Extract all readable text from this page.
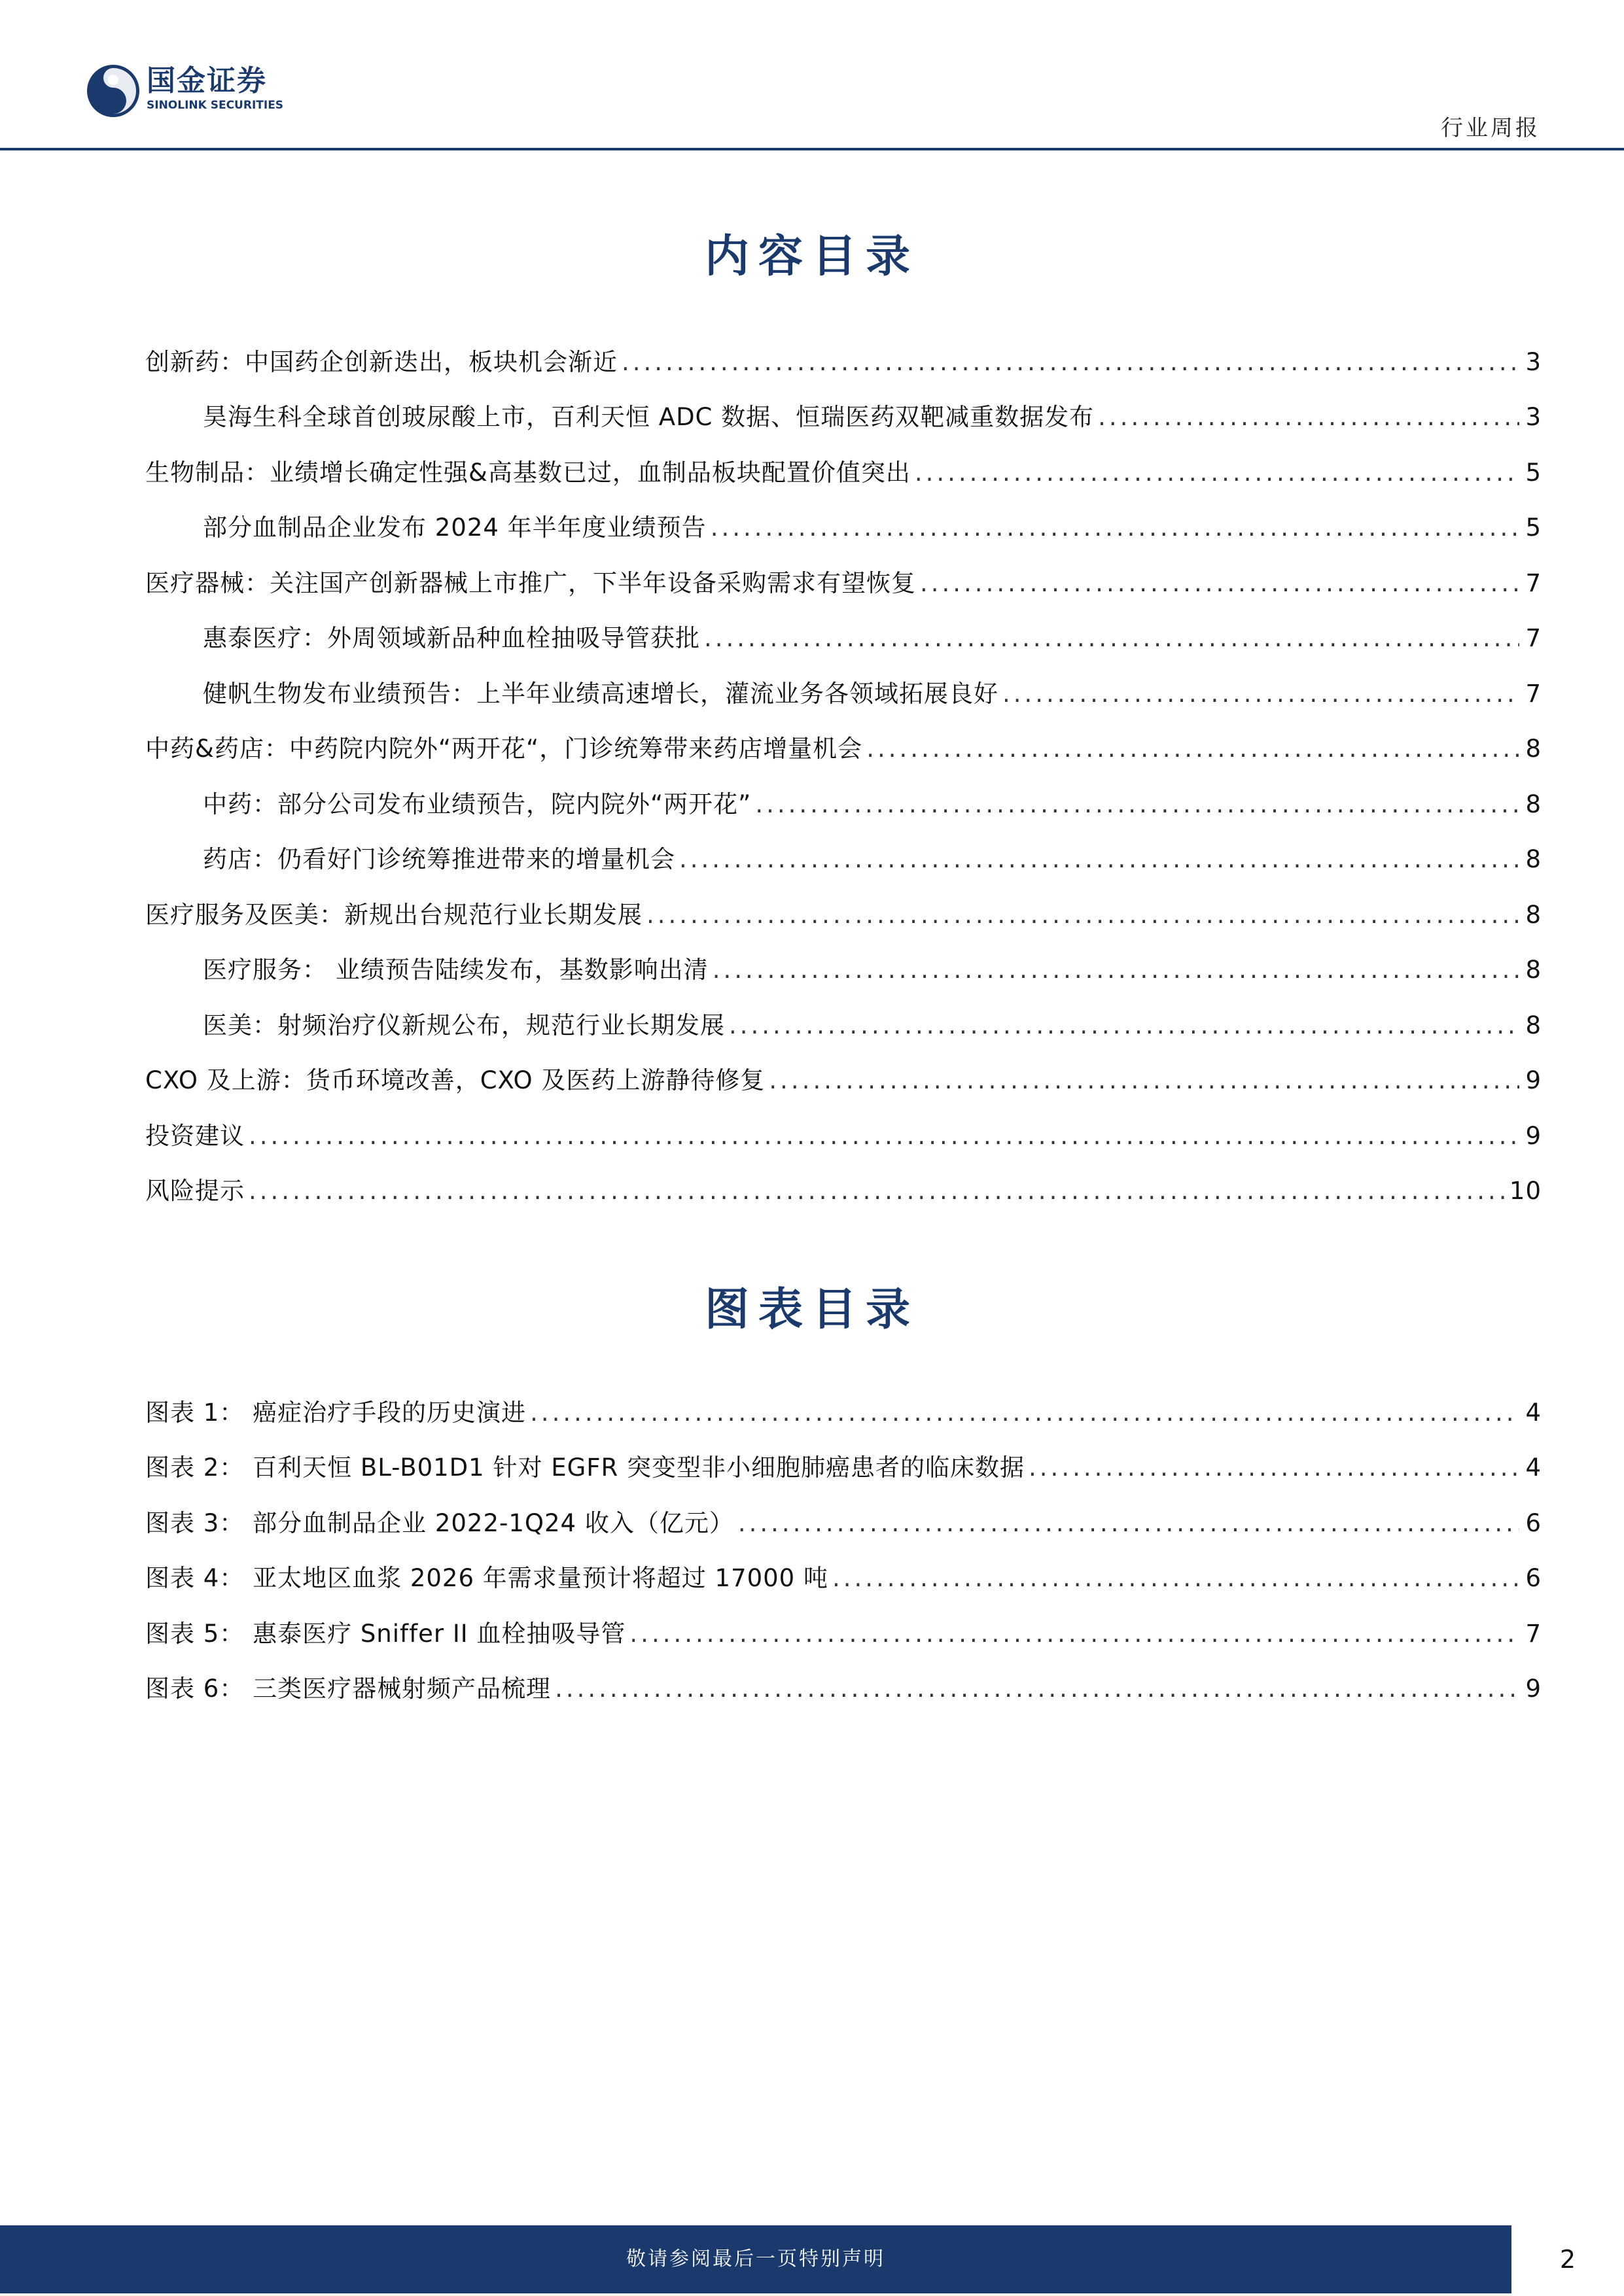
国金证券
SINOLINK SECURITIES
行业周报
内容目录
创新药：中国药企创新迭出，板块机会渐近 .....	3
昊海生科全球首创玻尿酸上市，百利天恒 ADC 数据、恒瑞医药双靶减重数据发布 .....	3
生物制品：业绩增长确定性强&高基数已过，血制品板块配置价值突出 .....	5
部分血制品企业发布 2024 年半年度业绩预告 .....	5
医疗器械：关注国产创新器械上市推广，下半年设备采购需求有望恢复 .....	7
惠泰医疗：外周领域新品种血栓抽吸导管获批 .....	7
健帆生物发布业绩预告：上半年业绩高速增长，灌流业务各领域拓展良好 .....	7
中药&药店：中药院内院外“两开花“，门诊统筹带来药店增量机会 .....	8
中药：部分公司发布业绩预告，院内院外“两开花” .....	8
药店：仍看好门诊统筹推进带来的增量机会 .....	8
医疗服务及医美：新规出台规范行业长期发展 .....	8
医疗服务： 业绩预告陆续发布，基数影响出清 .....	8
医美：射频治疗仪新规公布，规范行业长期发展 .....	8
CXO 及上游：货币环境改善，CXO 及医药上游静待修复 .....	9
投资建议 .....	9
风险提示 .....	10
图表目录
图表 1： 癌症治疗手段的历史演进 .....	4
图表 2： 百利天恒 BL-B01D1 针对 EGFR 突变型非小细胞肺癌患者的临床数据 .....	4
图表 3： 部分血制品企业 2022-1Q24 收入（亿元） .....	6
图表 4： 亚太地区血浆 2026 年需求量预计将超过 17000 吨 .....	6
图表 5： 惠泰医疗 Sniffer II 血栓抽吸导管 .....	7
图表 6： 三类医疗器械射频产品梳理 .....	9
敬请参阅最后一页特别声明	2
